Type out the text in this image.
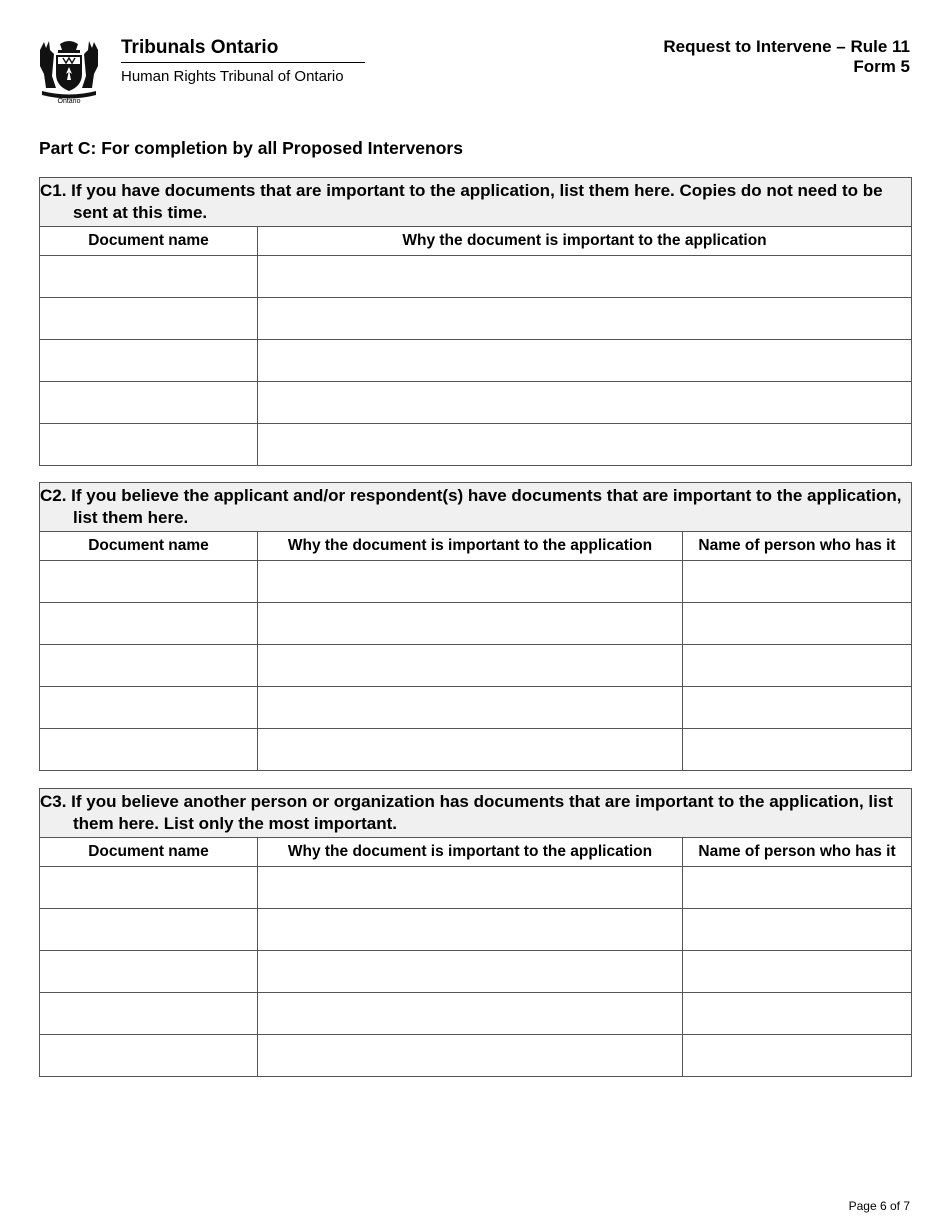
Ontario
Tribunals Ontario
Human Rights Tribunal of Ontario
Request to Intervene – Rule 11
Form 5
Part C: For completion by all Proposed Intervenors
C1. If you have documents that are important to the application, list them here. Copies do not need to be sent at this time.	

Document name	Why the document is important to the application

C2. If you believe the applicant and/or respondent(s) have documents that are important to the application, list them here.		

Document name	Why the document is important to the application	Name of person who has it

C3. If you believe another person or organization has documents that are important to the application, list them here. List only the most important.		

Document name	Why the document is important to the application	Name of person who has it

Page 6 of 7
